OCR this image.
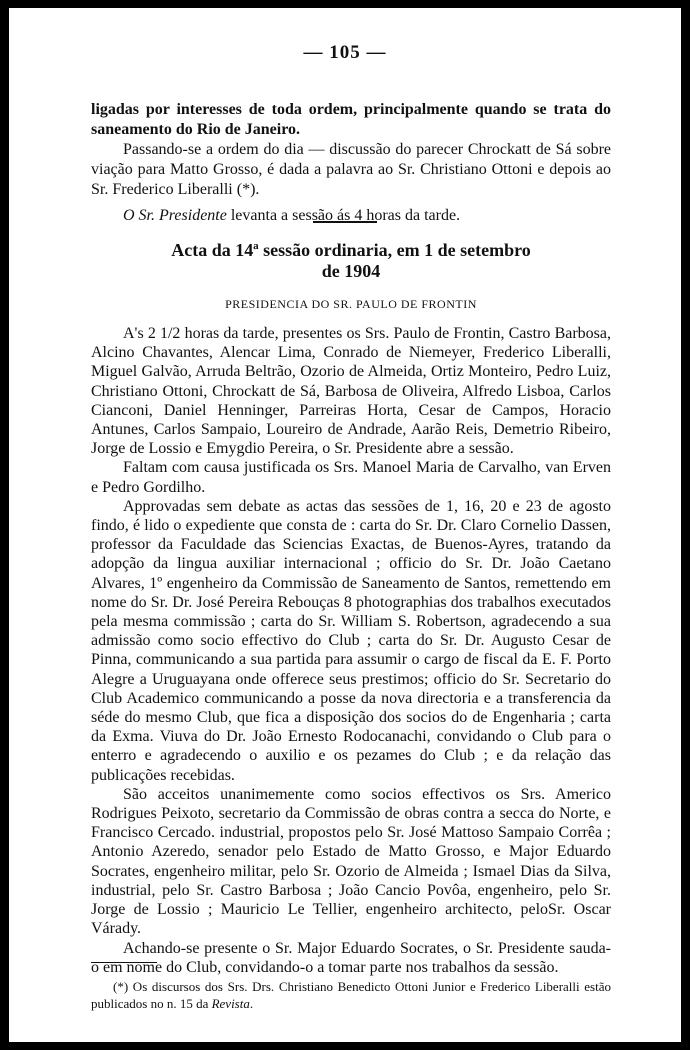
— 105 —

ligadas por interesses de toda ordem, principalmente quando se trata do saneamento do Rio de Janeiro.

Passando-se a ordem do dia — discussão do parecer Chrockatt de Sá sobre viação para Matto Grosso, é dada a palavra ao Sr. Christiano Ottoni e depois ao Sr. Frederico Liberalli (*).

O Sr. Presidente levanta a sessão ás 4 horas da tarde.

Acta da 14ª sessão ordinaria, em 1 de setembro
de 1904
PRESIDENCIA DO SR. PAULO DE FRONTIN

A's 2 1/2 horas da tarde, presentes os Srs. Paulo de Frontin, Castro Barbosa, Alcino Chavantes, Alencar Lima, Conrado de Niemeyer, Frederico Liberalli, Miguel Galvão, Arruda Beltrão, Ozorio de Almeida, Ortiz Monteiro, Pedro Luiz, Christiano Ottoni, Chrockatt de Sá, Barbosa de Oliveira, Alfredo Lisboa, Carlos Cianconi, Daniel Henninger, Parreiras Horta, Cesar de Campos, Horacio Antunes, Carlos Sampaio, Loureiro de Andrade, Aarão Reis, Demetrio Ribeiro, Jorge de Lossio e Emygdio Pereira, o Sr. Presidente abre a sessão.

Faltam com causa justificada os Srs. Manoel Maria de Carvalho, van Erven e Pedro Gordilho.

Approvadas sem debate as actas das sessões de 1, 16, 20 e 23 de agosto findo, é lido o expediente que consta de : carta do Sr. Dr. Claro Cornelio Dassen, professor da Faculdade das Sciencias Exactas, de Buenos-Ayres, tratando da adopção da lingua auxiliar internacional ; officio do Sr. Dr. João Caetano Alvares, 1º engenheiro da Commissão de Saneamento de Santos, remettendo em nome do Sr. Dr. José Pereira Rebouças 8 photographias dos trabalhos executados pela mesma commissão ; carta do Sr. William S. Robertson, agradecendo a sua admissão como socio effectivo do Club ; carta do Sr. Dr. Augusto Cesar de Pinna, communicando a sua partida para assumir o cargo de fiscal da E. F. Porto Alegre a Uruguayana onde offerece seus prestimos; officio do Sr. Secretario do Club Academico communicando a posse da nova directoria e a transferencia da séde do mesmo Club, que fica a disposição dos socios do de Engenharia ; carta da Exma. Viuva do Dr. João Ernesto Rodocanachi, convidando o Club para o enterro e agradecendo o auxilio e os pezames do Club ; e da relação das publicações recebidas.

São acceitos unanimemente como socios effectivos os Srs. Americo Rodrigues Peixoto, secretario da Commissão de obras contra a secca do Norte, e Francisco Cercado. industrial, propostos pelo Sr. José Mattoso Sampaio Corrêa ; Antonio Azeredo, senador pelo Estado de Matto Grosso, e Major Eduardo Socrates, engenheiro militar, pelo Sr. Ozorio de Almeida ; Ismael Dias da Silva, industrial, pelo Sr. Castro Barbosa ; João Cancio Povôa, engenheiro, pelo Sr. Jorge de Lossio ; Mauricio Le Tellier, engenheiro architecto, peloSr. Oscar Várady.

Achando-se presente o Sr. Major Eduardo Socrates, o Sr. Presidente sauda-o em nome do Club, convidando-o a tomar parte nos trabalhos da sessão.

(*) Os discursos dos Srs. Drs. Christiano Benedicto Ottoni Junior e Frederico Liberalli estão publicados no n. 15 da Revista.
